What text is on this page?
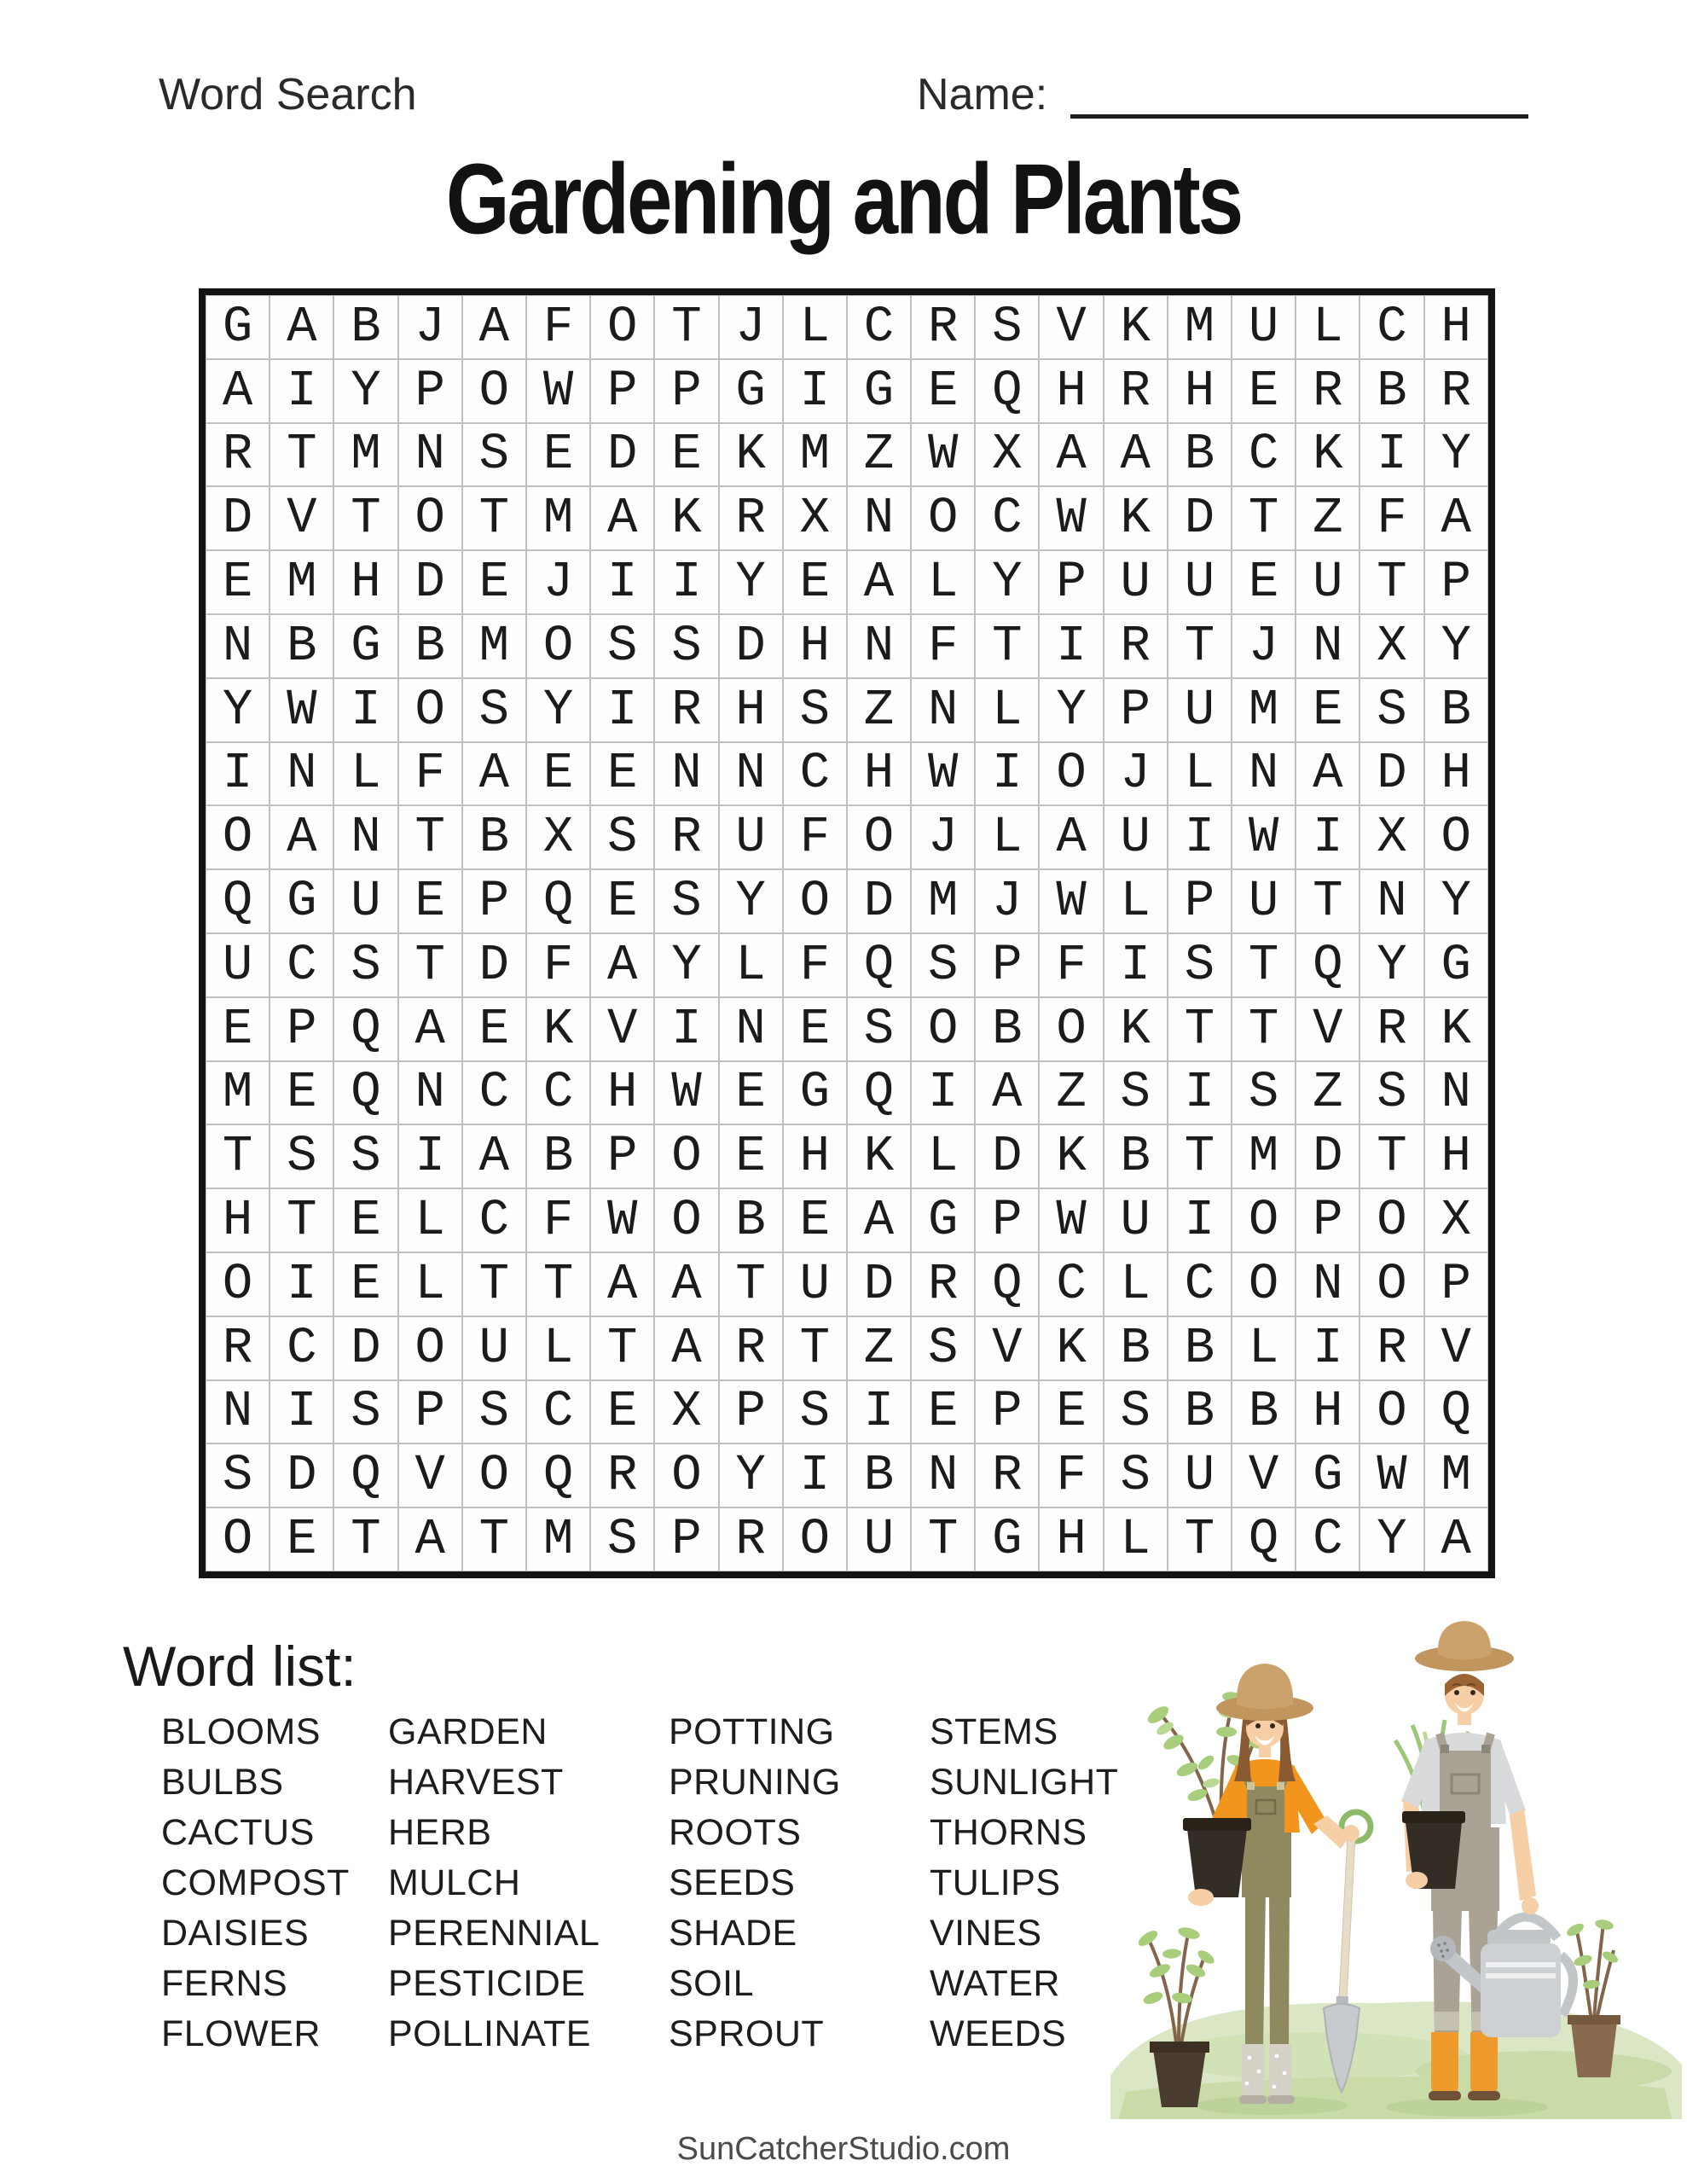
Word Search	Name:
Gardening and Plants
G A B J A F O T J L C R S V K M U L C H
A I Y P O W P P G I G E Q H R H E R B R
R T M N S E D E K M Z W X A A B C K I Y
D V T O T M A K R X N O C W K D T Z F A
E M H D E J I I Y E A L Y P U U E U T P
N B G B M O S S D H N F T I R T J N X Y
Y W I O S Y I R H S Z N L Y P U M E S B
I N L F A E E N N C H W I O J L N A D H
O A N T B X S R U F O J L A U I W I X O
Q G U E P Q E S Y O D M J W L P U T N Y
U C S T D F A Y L F Q S P F I S T Q Y G
E P Q A E K V I N E S O B O K T T V R K
M E Q N C C H W E G Q I A Z S I S Z S N
T S S I A B P O E H K L D K B T M D T H
H T E L C F W O B E A G P W U I O P O X
O I E L T T A A T U D R Q C L C O N O P
R C D O U L T A R T Z S V K B B L I R V
N I S P S C E X P S I E P E S B B H O Q
S D Q V O Q R O Y I B N R F S U V G W M
O E T A T M S P R O U T G H L T Q C Y A
Word list:
BLOOMS
BULBS
CACTUS
COMPOST
DAISIES
FERNS
FLOWER
GARDEN
HARVEST
HERB
MULCH
PERENNIAL
PESTICIDE
POLLINATE
POTTING
PRUNING
ROOTS
SEEDS
SHADE
SOIL
SPROUT
STEMS
SUNLIGHT
THORNS
TULIPS
VINES
WATER
WEEDS
SunCatcherStudio.com
